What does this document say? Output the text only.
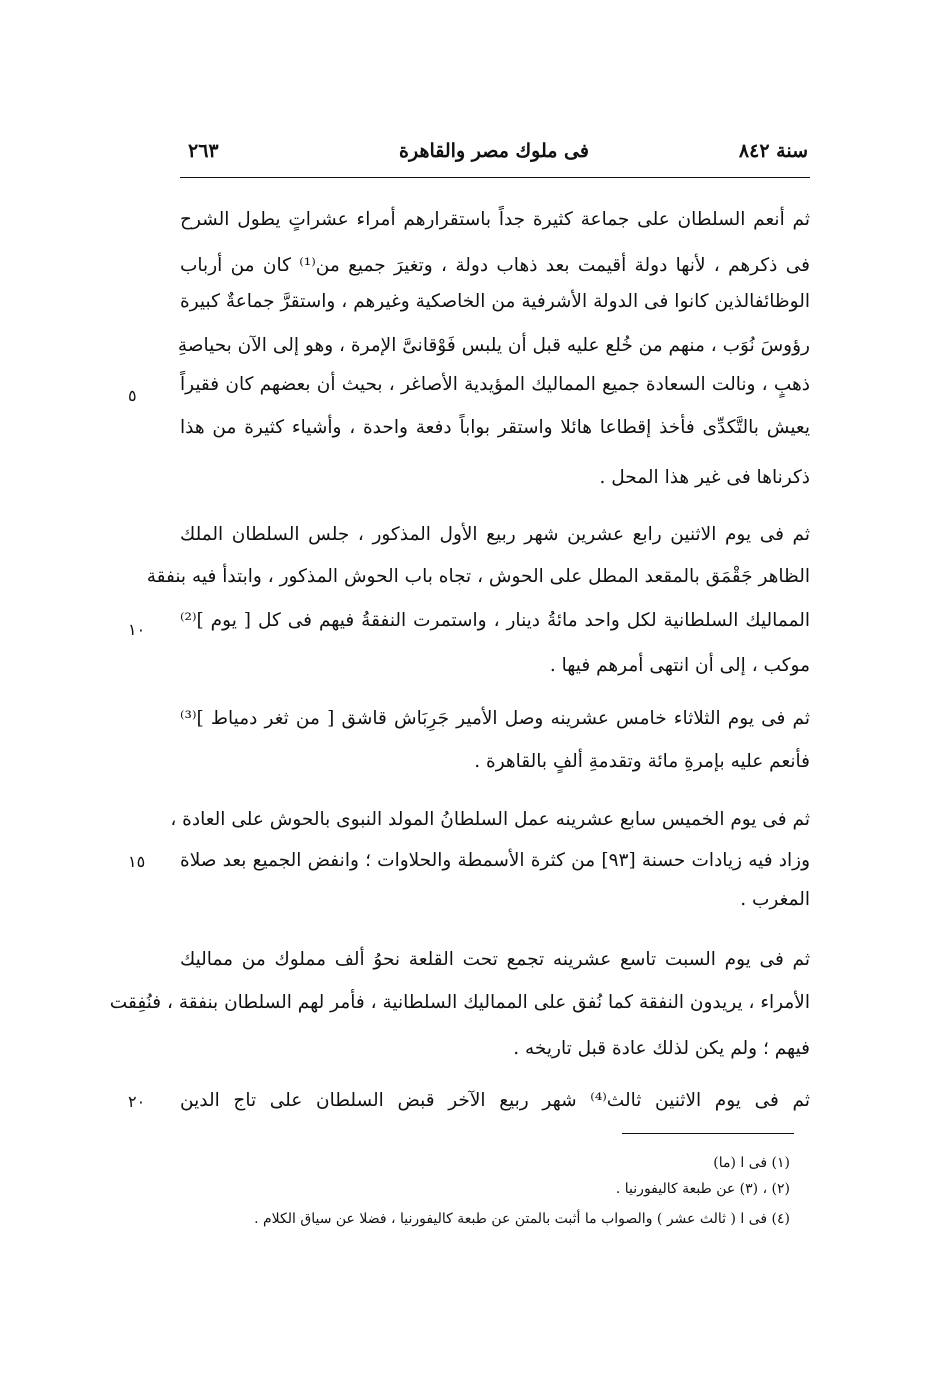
سنة ٨٤٢
فى ملوك مصر والقاهرة
٢٦٣
ثم أنعم السلطان على جماعة كثيرة جداً باستقرارهم أمراء عشراتٍ يطول الشرح
فى ذكرهم ، لأنها دولة أقيمت بعد ذهاب دولة ، وتغيرَ جميع من⁽¹⁾ كان من أرباب
الوظائفالذين كانوا فى الدولة الأشرفية من الخاصكية وغيرهم ، واستقرَّ جماعةٌ كبيرة
رؤوسَ نُوَب ، منهم من خُلع عليه قبل أن يلبس فَوْقانىَّ الإمرة ، وهو إلى الآن بحياصةِ
ذهبٍ ، ونالت السعادة جميع المماليك المؤيدية الأصاغر ، بحيث أن بعضهم كان فقيراً
يعيش بالتَّكدِّى فأخذ إقطاعا هائلا واستقر بواباً دفعة واحدة ، وأشياء كثيرة من هذا
ذكرناها فى غير هذا المحل .
ثم فى يوم الاثنين رابع عشرين شهر ربيع الأول المذكور ، جلس السلطان الملك
الظاهر جَقْمَق بالمقعد المطل على الحوش ، تجاه باب الحوش المذكور ، وابتدأ فيه بنفقة
المماليك السلطانية لكل واحد مائةُ دينار ، واستمرت النفقةُ فيهم فى كل [ يوم ]⁽²⁾
موكب ، إلى أن انتهى أمرهم فيها .
ثم فى يوم الثلاثاء خامس عشرينه وصل الأمير جَرِبَاش قاشق [ من ثغر دمياط ]⁽³⁾
فأنعم عليه بإمرةِ مائة وتقدمةِ ألفٍ بالقاهرة .
ثم فى يوم الخميس سابع عشرينه عمل السلطانُ المولد النبوى بالحوش على العادة ،
وزاد فيه زيادات حسنة [٩٣] من كثرة الأسمطة والحلاوات ؛ وانفض الجميع بعد صلاة
المغرب .
ثم فى يوم السبت تاسع عشرينه تجمع تحت القلعة نحوُ ألف مملوك من مماليك
الأمراء ، يريدون النفقة كما نُفق على المماليك السلطانية ، فأمر لهم السلطان بنفقة ، فنُفِقت
فيهم ؛ ولم يكن لذلك عادة قبل تاريخه .
ثم فى يوم الاثنين ثالث⁽⁴⁾ شهر ربيع الآخر قبض السلطان على تاج الدين
٥
١٠
١٥
٢٠
(١) فى ا (ما)
(٢) ، (٣) عن طبعة كاليفورنيا .
(٤) فى ا ( ثالث عشر ) والصواب ما أثبت بالمتن عن طبعة كاليفورنيا ، فضلا عن سياق الكلام .
